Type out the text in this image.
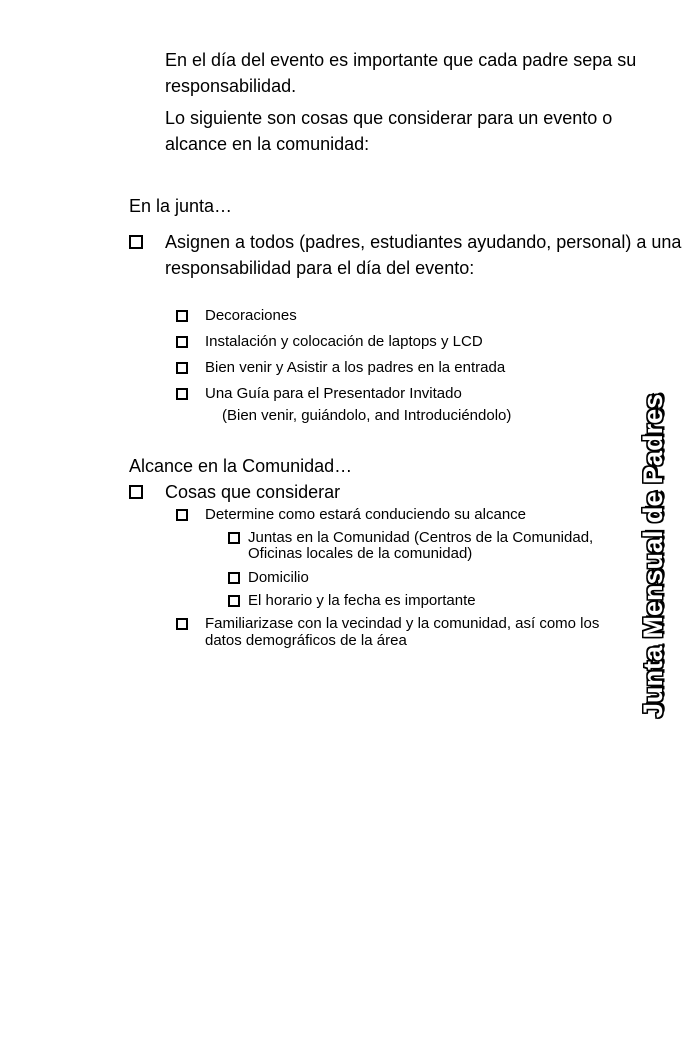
En el día del evento es importante que cada padre sepa su responsabilidad.
Lo siguiente son cosas que considerar para un evento o alcance en la comunidad:
En la junta…
Asignen a todos (padres, estudiantes ayudando, personal) a una responsabilidad para el día del evento:
Decoraciones
Instalación y colocación de laptops y LCD
Bien venir y Asistir a los padres en la entrada
Una Guía para el Presentador Invitado
(Bien venir, guiándolo, and Introduciéndolo)
Alcance en la Comunidad…
Cosas que considerar
Determine como estará conduciendo su alcance
Juntas en la Comunidad (Centros de la Comunidad, Oficinas locales de la comunidad)
Domicilio
El horario y la fecha es importante
Familiarizase con la vecindad y la comunidad, así como los datos demográficos de la área	Junta Mensual de Padres
